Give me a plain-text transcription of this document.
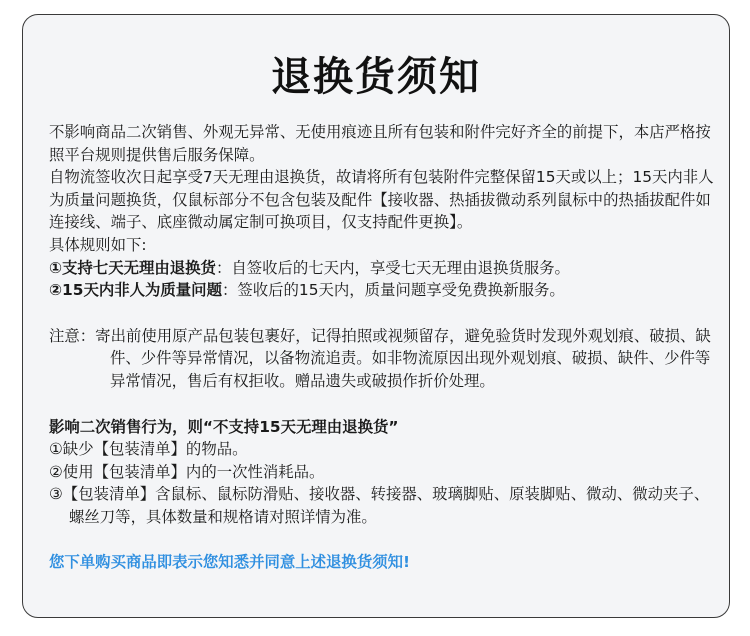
退换货须知

不影响商品二次销售、外观无异常、无使用痕迹且所有包装和附件完好齐全的前提下，本店严格按照平台规则提供售后服务保障。

自物流签收次日起享受7天无理由退换货，故请将所有包装附件完整保留15天或以上；15天内非人为质量问题换货，仅鼠标部分不包含包装及配件【接收器、热插拔微动系列鼠标中的热插拔配件如连接线、端子、底座微动属定制可换项目，仅支持配件更换】。

具体规则如下:

①支持七天无理由退换货：自签收后的七天内，享受七天无理由退换货服务。

②15天内非人为质量问题：签收后的15天内，质量问题享受免费换新服务。

注意：寄出前使用原产品包装包裹好，记得拍照或视频留存，避免验货时发现外观划痕、破损、缺件、少件等异常情况，以备物流追责。如非物流原因出现外观划痕、破损、缺件、少件等异常情况，售后有权拒收。赠品遗失或破损作折价处理。

影响二次销售行为，则“不支持15天无理由退换货”

①缺少【包装清单】的物品。

②使用【包装清单】内的一次性消耗品。

③【包装清单】含鼠标、鼠标防滑贴、接收器、转接器、玻璃脚贴、原装脚贴、微动、微动夹子、螺丝刀等，具体数量和规格请对照详情为准。

您下单购买商品即表示您知悉并同意上述退换货须知!
